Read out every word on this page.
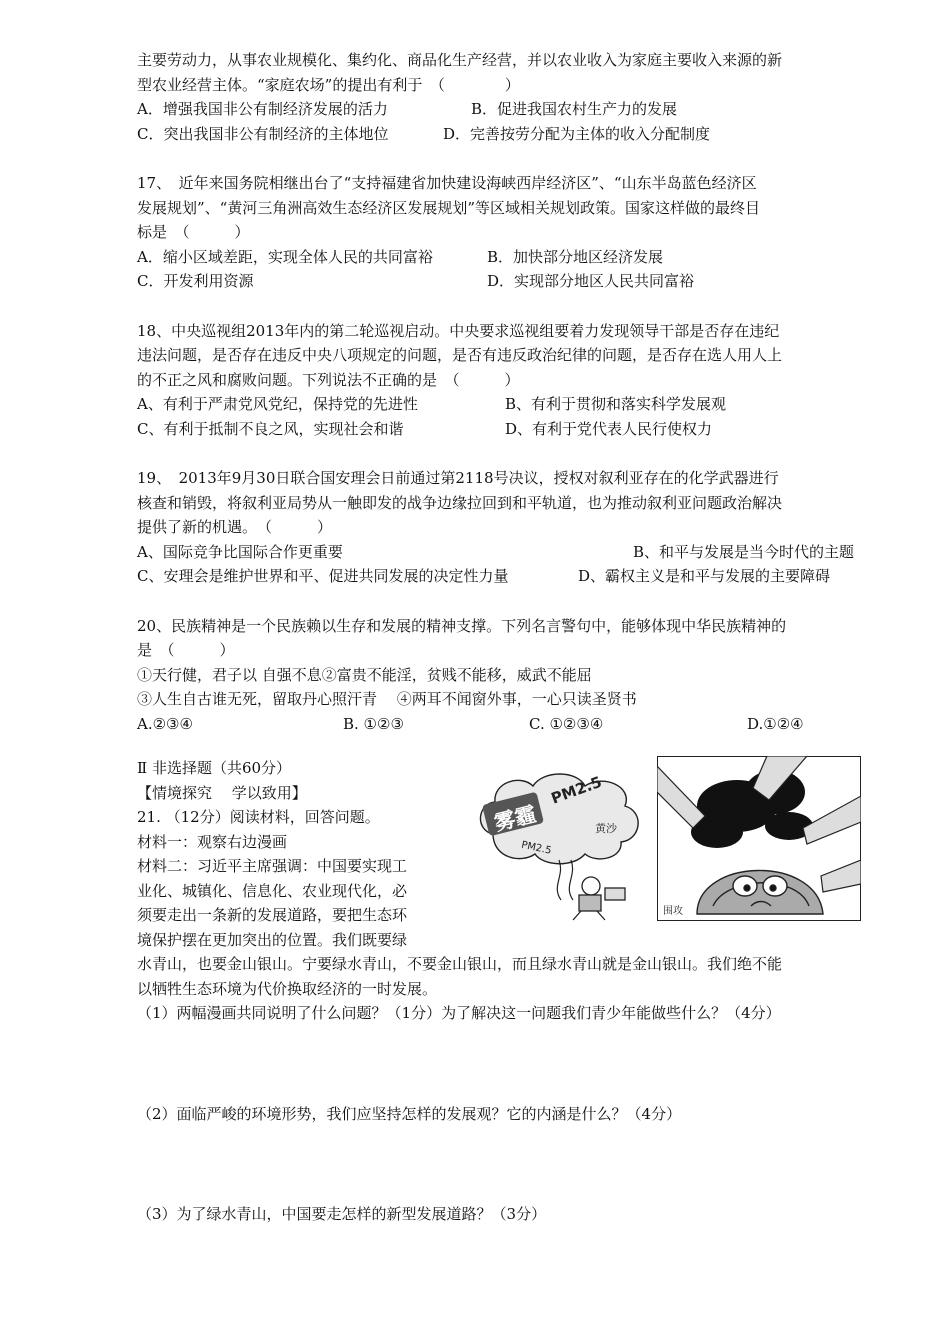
主要劳动力，从事农业规模化、集约化、商品化生产经营，并以农业收入为家庭主要收入来源的新
型农业经营主体。“家庭农场”的提出有利于　（　　　　）
A．增强我国非公有制经济发展的活力	B．促进我国农村生产力的发展
C．突出我国非公有制经济的主体地位	D．完善按劳分配为主体的收入分配制度
17、　近年来国务院相继出台了“支持福建省加快建设海峡西岸经济区”、“山东半岛蓝色经济区
发展规划”、“黄河三角洲高效生态经济区发展规划”等区域相关规划政策。国家这样做的最终目
标是　（　　　）
A．缩小区域差距，实现全体人民的共同富裕	B．加快部分地区经济发展
C．开发利用资源	D．实现部分地区人民共同富裕
18、中央巡视组2013年内的第二轮巡视启动。中央要求巡视组要着力发现领导干部是否存在违纪
违法问题，是否存在违反中央八项规定的问题，是否有违反政治纪律的问题，是否存在选人用人上
的不正之风和腐败问题。下列说法不正确的是　（　　　）
A、有利于严肃党风党纪，保持党的先进性	B、有利于贯彻和落实科学发展观
C、有利于抵制不良之风，实现社会和谐	D、有利于党代表人民行使权力
19、　2013年9月30日联合国安理会日前通过第2118号决议，授权对叙利亚存在的化学武器进行
核查和销毁，将叙利亚局势从一触即发的战争边缘拉回到和平轨道，也为推动叙利亚问题政治解决
提供了新的机遇。　（　　　）
A、国际竞争比国际合作更重要	B、和平与发展是当今时代的主题
C、安理会是维护世界和平、促进共同发展的决定性力量	D、霸权主义是和平与发展的主要障碍
20、民族精神是一个民族赖以生存和发展的精神支撑。下列名言警句中，能够体现中华民族精神的
是　（　　　）
①天行健，君子以 自强不息②富贵不能淫，贫贱不能移，威武不能屈
③人生自古谁无死，留取丹心照汗青　 ④两耳不闻窗外事，一心只读圣贤书
A.②③④	B. ①②③	C. ①②③④	D.①②④
Ⅱ 非选择题（共60分）
【情境探究　 学以致用】
21. （12分）阅读材料，回答问题。
材料一：观察右边漫画
材料二：习近平主席强调：中国要实现工
业化、城镇化、信息化、农业现代化，必
须要走出一条新的发展道路，要把生态环
境保护摆在更加突出的位置。我们既要绿
雾霾
PM2.5
PM2.5
黄沙
围攻
水青山，也要金山银山。宁要绿水青山，不要金山银山，而且绿水青山就是金山银山。我们绝不能
以牺牲生态环境为代价换取经济的一时发展。
（1）两幅漫画共同说明了什么问题？（1分）为了解决这一问题我们青少年能做些什么？（4分）
（2）面临严峻的环境形势，我们应坚持怎样的发展观？它的内涵是什么？（4分）
（3）为了绿水青山，中国要走怎样的新型发展道路？（3分）
